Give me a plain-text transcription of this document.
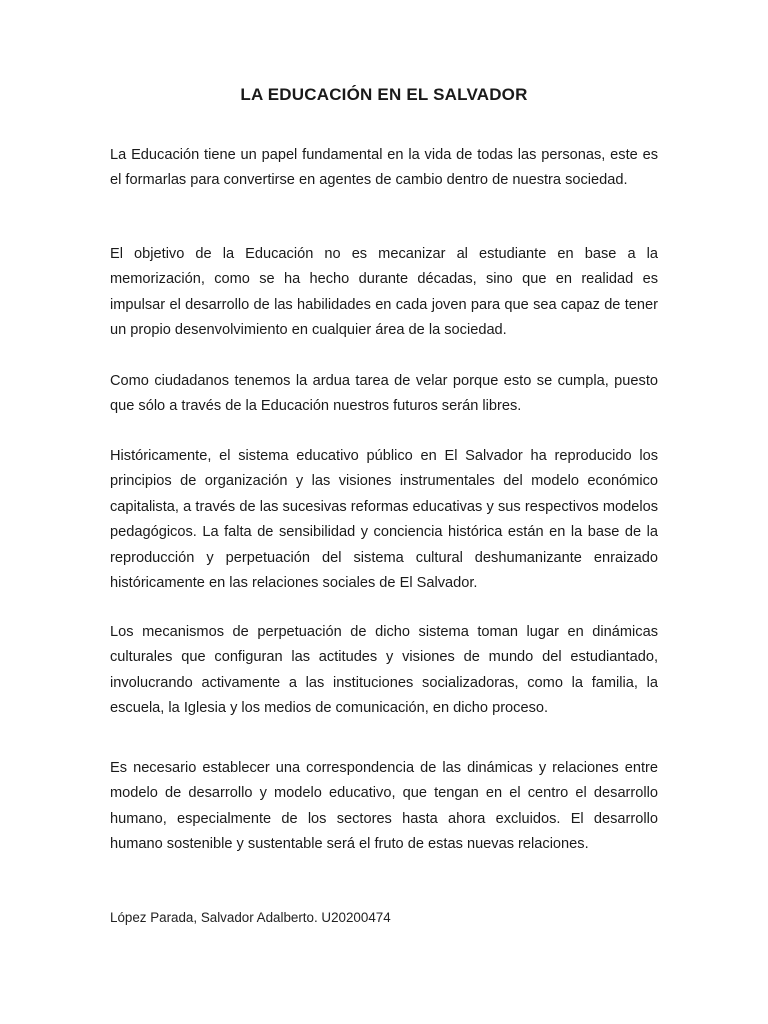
LA EDUCACIÓN EN EL SALVADOR

La Educación tiene un papel fundamental en la vida de todas las personas, este es el formarlas para convertirse en agentes de cambio dentro de nuestra sociedad.

El objetivo de la Educación no es mecanizar al estudiante en base a la memorización, como se ha hecho durante décadas, sino que en realidad es impulsar el desarrollo de las habilidades en cada joven para que sea capaz de tener un propio desenvolvimiento en cualquier área de la sociedad.

Como ciudadanos tenemos la ardua tarea de velar porque esto se cumpla, puesto que sólo a través de la Educación nuestros futuros serán libres.

Históricamente, el sistema educativo público en El Salvador ha reproducido los principios de organización y las visiones instrumentales del modelo económico capitalista, a través de las sucesivas reformas educativas y sus respectivos modelos pedagógicos. La falta de sensibilidad y conciencia histórica están en la base de la reproducción y perpetuación del sistema cultural deshumanizante enraizado históricamente en las relaciones sociales de El Salvador.

Los mecanismos de perpetuación de dicho sistema toman lugar en dinámicas culturales que configuran las actitudes y visiones de mundo del estudiantado, involucrando activamente a las instituciones socializadoras, como la familia, la escuela, la Iglesia y los medios de comunicación, en dicho proceso.

Es necesario establecer una correspondencia de las dinámicas y relaciones entre modelo de desarrollo y modelo educativo, que tengan en el centro el desarrollo humano, especialmente de los sectores hasta ahora excluidos. El desarrollo humano sostenible y sustentable será el fruto de estas nuevas relaciones.

López Parada, Salvador Adalberto. U20200474
